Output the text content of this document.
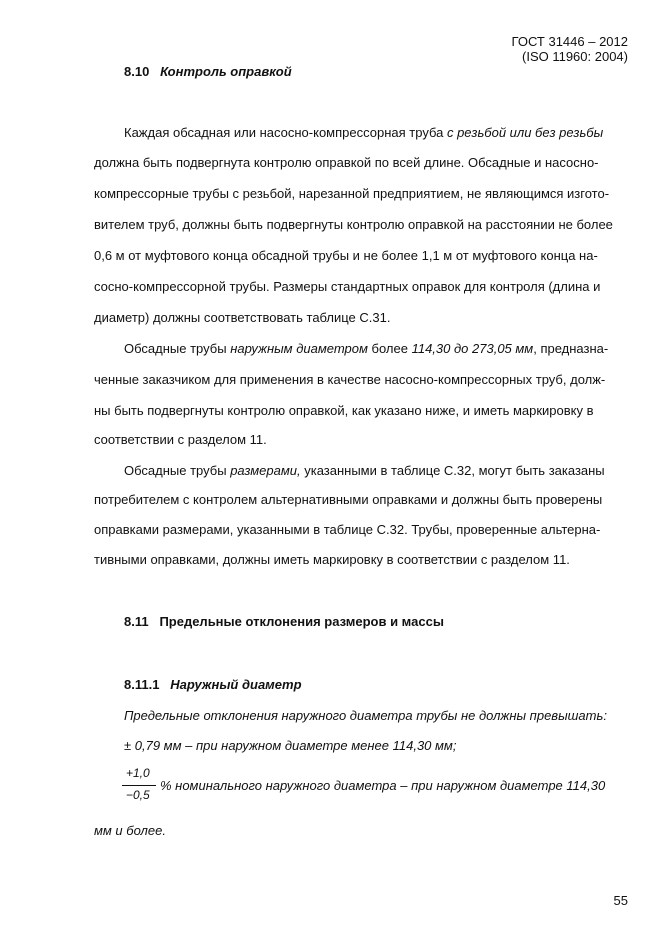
ГОСТ 31446 – 2012
(ISO 11960: 2004)
8.10 Контроль оправкой
Каждая обсадная или насосно-компрессорная труба с резьбой или без резьбы
должна быть подвергнута контролю оправкой по всей длине. Обсадные и насосно-
компрессорные трубы с резьбой, нарезанной предприятием, не являющимся изгото-
вителем труб, должны быть подвергнуты контролю оправкой на расстоянии не более
0,6 м от муфтового конца обсадной трубы и не более 1,1 м от муфтового конца на-
сосно-компрессорной трубы. Размеры стандартных оправок для контроля (длина и
диаметр) должны соответствовать таблице С.31.
Обсадные трубы наружным диаметром более 114,30 до 273,05 мм, предназна-
ченные заказчиком для применения в качестве насосно-компрессорных труб, долж-
ны быть подвергнуты контролю оправкой, как указано ниже, и иметь маркировку в
соответствии с разделом 11.
Обсадные трубы размерами, указанными в таблице С.32, могут быть заказаны
потребителем с контролем альтернативными оправками и должны быть проверены
оправками размерами, указанными в таблице С.32. Трубы, проверенные альтерна-
тивными оправками, должны иметь маркировку в соответствии с разделом 11.
8.11 Предельные отклонения размеров и массы
8.11.1 Наружный диаметр
Предельные отклонения наружного диаметра трубы не должны превышать:
± 0,79 мм – при наружном диаметре менее 114,30 мм;
+1,0
−0,5
% номинального наружного диаметра – при наружном диаметре 114,30
мм и более.
55
